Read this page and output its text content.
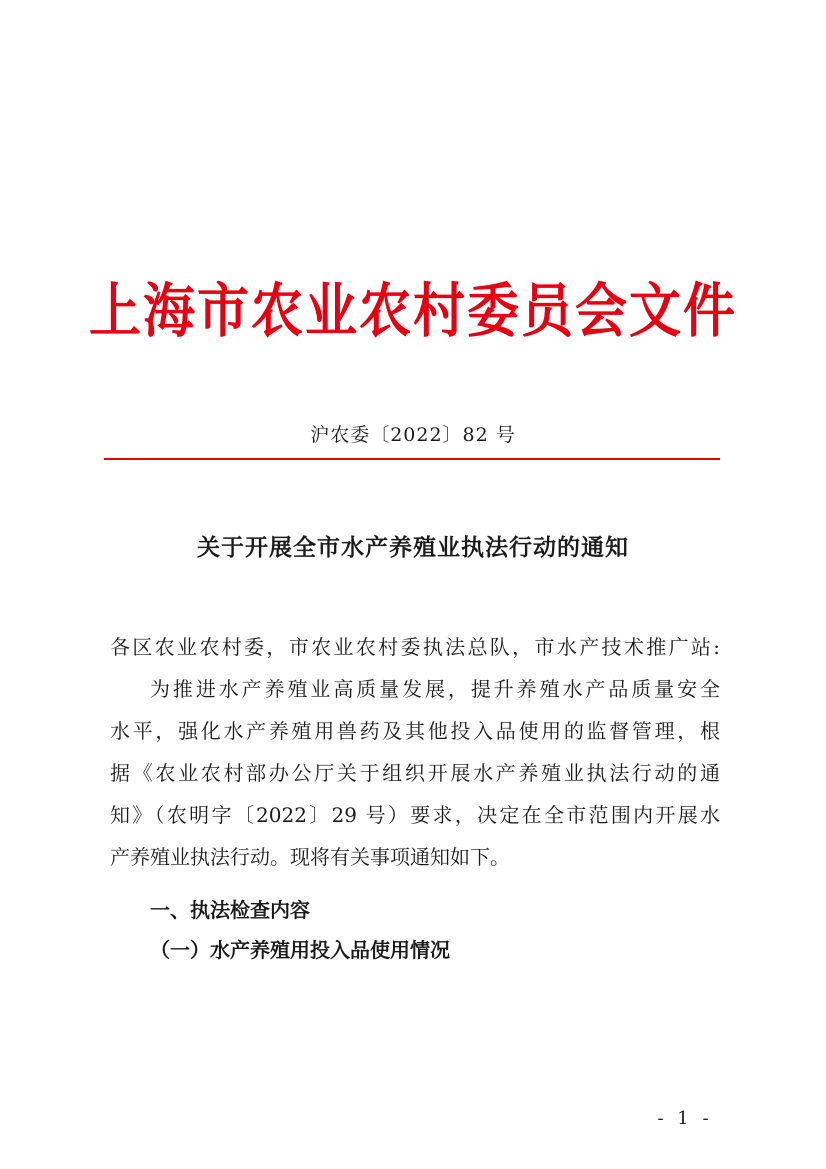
上海市农业农村委员会文件
沪农委〔2022〕82 号
关于开展全市水产养殖业执法行动的通知
各区农业农村委，市农业农村委执法总队，市水产技术推广站:
为推进水产养殖业高质量发展，提升养殖水产品质量安全
水平，强化水产养殖用兽药及其他投入品使用的监督管理，根
据《农业农村部办公厅关于组织开展水产养殖业执法行动的通
知》（农明字〔2022〕29 号）要求，决定在全市范围内开展水
产养殖业执法行动。现将有关事项通知如下。
一、执法检查内容
（一）水产养殖用投入品使用情况
- 1 -
